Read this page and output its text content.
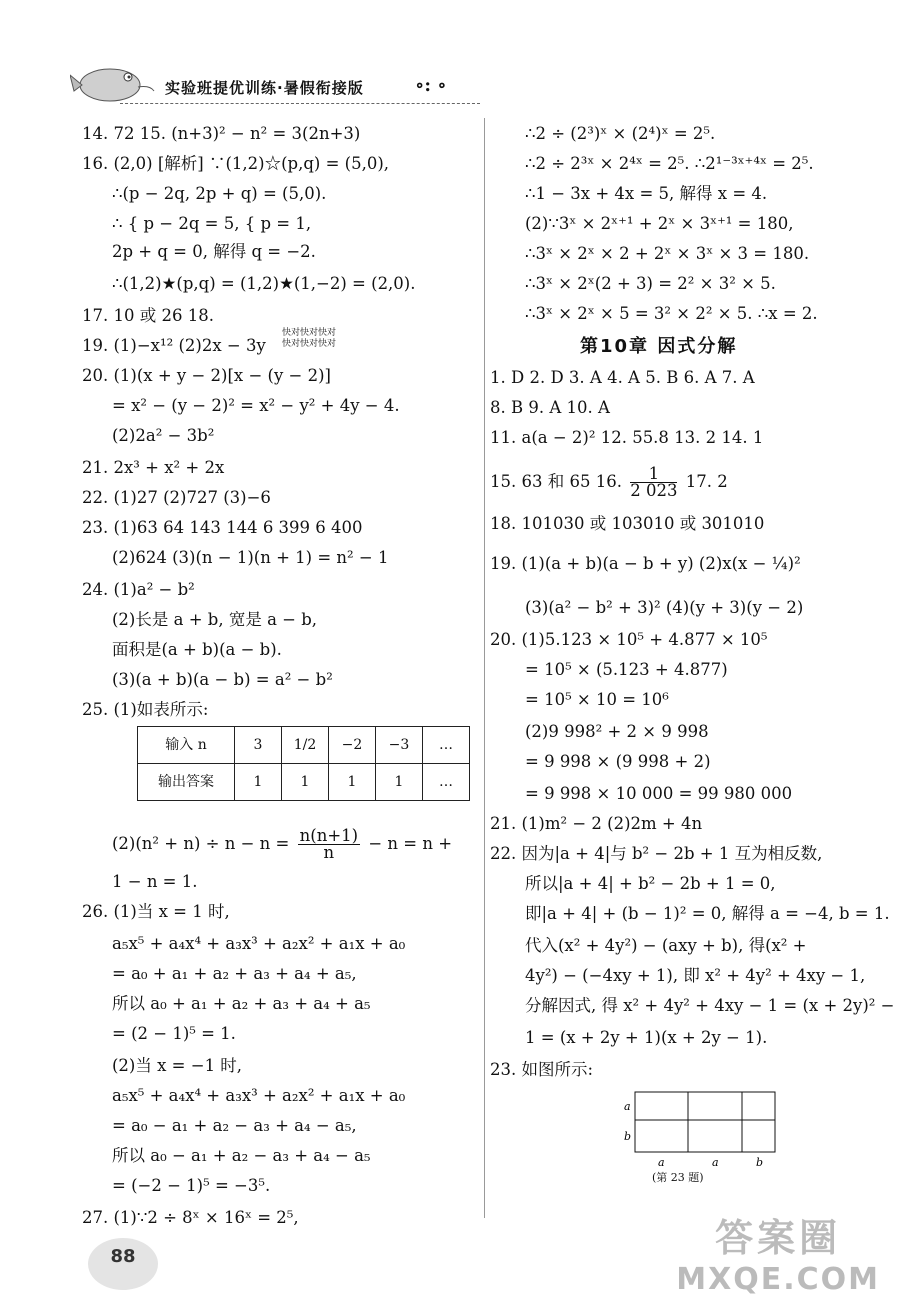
实验班提优训练·暑假衔接版	∘: ∘
14. 72 15. (n+3)² − n² = 3(2n+3)
16. (2,0) [解析] ∵(1,2)☆(p,q) = (5,0),
∴(p − 2q, 2p + q) = (5,0).
∴ { p − 2q = 5, { p = 1,
2p + q = 0, 解得 q = −2.
∴(1,2)★(p,q) = (1,2)★(1,−2) = (2,0).
17. 10 或 26 18.
19. (1)−x¹² (2)2x − 3y
20. (1)(x + y − 2)[x − (y − 2)]
= x² − (y − 2)² = x² − y² + 4y − 4.
(2)2a² − 3b²
21. 2x³ + x² + 2x
22. (1)27 (2)727 (3)−6
23. (1)63 64 143 144 6 399 6 400
(2)624 (3)(n − 1)(n + 1) = n² − 1
24. (1)a² − b²
(2)长是 a + b, 宽是 a − b,
面积是(a + b)(a − b).
(3)(a + b)(a − b) = a² − b²
25. (1)如表所示:
$(2)(n^2 + n) \div n - n = \frac{n(n+1)}{n} - n = n$ +
1 − n = 1.
26. (1)当 x = 1 时,
a₅x⁵ + a₄x⁴ + a₃x³ + a₂x² + a₁x + a₀
= a₀ + a₁ + a₂ + a₃ + a₄ + a₅,
所以 a₀ + a₁ + a₂ + a₃ + a₄ + a₅
= (2 − 1)⁵ = 1.
(2)当 x = −1 时,
a₅x⁵ + a₄x⁴ + a₃x³ + a₂x² + a₁x + a₀
= a₀ − a₁ + a₂ − a₃ + a₄ − a₅,
所以 a₀ − a₁ + a₂ − a₃ + a₄ − a₅
= (−2 − 1)⁵ = −3⁵.
27. (1)∵2 ÷ 8ˣ × 16ˣ = 2⁵,
输入 n	3	1/2	−2	−3	…
输出答案	1	1	1	1	…
快对快对快对
快对快对快对
∴2 ÷ (2³)ˣ × (2⁴)ˣ = 2⁵.
∴2 ÷ 2³ˣ × 2⁴ˣ = 2⁵. ∴2¹⁻³ˣ⁺⁴ˣ = 2⁵.
∴1 − 3x + 4x = 5, 解得 x = 4.
(2)∵3ˣ × 2ˣ⁺¹ + 2ˣ × 3ˣ⁺¹ = 180,
∴3ˣ × 2ˣ × 2 + 2ˣ × 3ˣ × 3 = 180.
∴3ˣ × 2ˣ(2 + 3) = 2² × 3² × 5.
∴3ˣ × 2ˣ × 5 = 3² × 2² × 5. ∴x = 2.
第10章 因式分解
1. D 2. D 3. A 4. A 5. B 6. A 7. A
8. B 9. A 10. A
11. a(a − 2)² 12. 55.8 13. 2 14. 1
15. 63 和 65 16. $\frac{1}{2 023} 17$. 2
18. 101030 或 103010 或 301010
19. (1)(a + b)(a − b + y) (2)x(x − ¼)²
(3)(a² − b² + 3)² (4)(y + 3)(y − 2)
20. (1)5.123 × 10⁵ + 4.877 × 10⁵
= 10⁵ × (5.123 + 4.877)
= 10⁵ × 10 = 10⁶
(2)9 998² + 2 × 9 998
= 9 998 × (9 998 + 2)
= 9 998 × 10 000 = 99 980 000
21. (1)m² − 2 (2)2m + 4n
22. 因为|a + 4|与 b² − 2b + 1 互为相反数,
所以|a + 4| + b² − 2b + 1 = 0,
即|a + 4| + (b − 1)² = 0, 解得 a = −4, b = 1.
代入(x² + 4y²) − (axy + b), 得(x² +
4y²) − (−4xy + 1), 即 x² + 4y² + 4xy − 1,
分解因式, 得 x² + 4y² + 4xy − 1 = (x + 2y)² −
1 = (x + 2y + 1)(x + 2y − 1).
23. 如图所示:
a
b
a	a	b
(第 23 题)
88	答案圈
MXQE.COM
